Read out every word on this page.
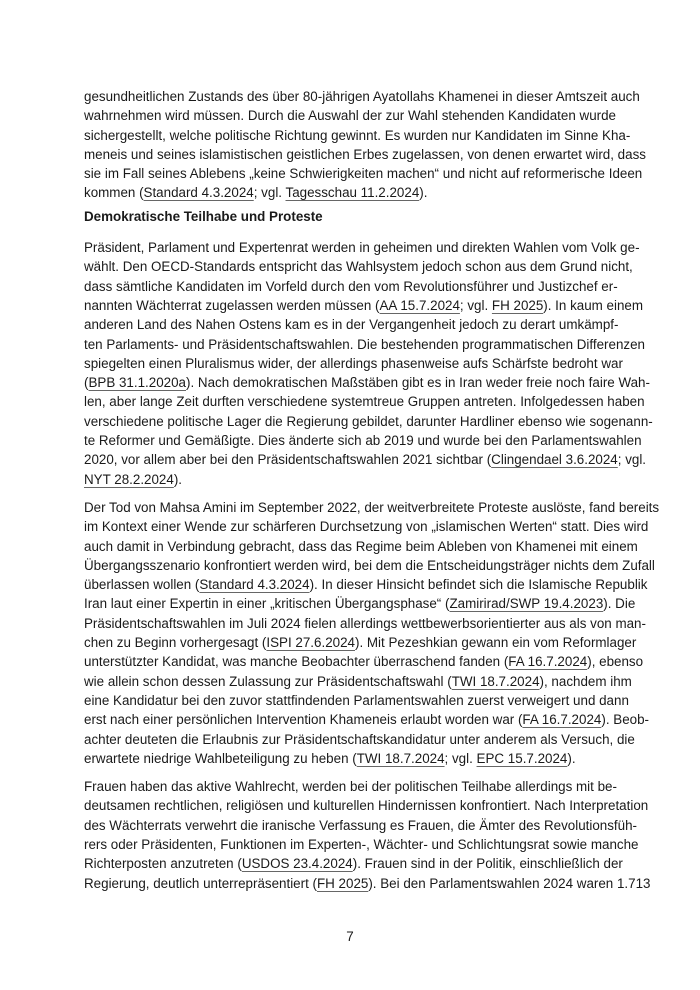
gesundheitlichen Zustands des über 80-jährigen Ayatollahs Khamenei in dieser Amtszeit auch
wahrnehmen wird müssen. Durch die Auswahl der zur Wahl stehenden Kandidaten wurde
sichergestellt, welche politische Richtung gewinnt. Es wurden nur Kandidaten im Sinne Kha-
meneis und seines islamistischen geistlichen Erbes zugelassen, von denen erwartet wird, dass
sie im Fall seines Ablebens „keine Schwierigkeiten machen“ und nicht auf reformerische Ideen
kommen (Standard 4.3.2024; vgl. Tagesschau 11.2.2024).
Demokratische Teilhabe und Proteste
Präsident, Parlament und Expertenrat werden in geheimen und direkten Wahlen vom Volk ge-
wählt. Den OECD-Standards entspricht das Wahlsystem jedoch schon aus dem Grund nicht,
dass sämtliche Kandidaten im Vorfeld durch den vom Revolutionsführer und Justizchef er-
nannten Wächterrat zugelassen werden müssen (AA 15.7.2024; vgl. FH 2025). In kaum einem
anderen Land des Nahen Ostens kam es in der Vergangenheit jedoch zu derart umkämpf-
ten Parlaments- und Präsidentschaftswahlen. Die bestehenden programmatischen Differenzen
spiegelten einen Pluralismus wider, der allerdings phasenweise aufs Schärfste bedroht war
(BPB 31.1.2020a). Nach demokratischen Maßstäben gibt es in Iran weder freie noch faire Wah-
len, aber lange Zeit durften verschiedene systemtreue Gruppen antreten. Infolgedessen haben
verschiedene politische Lager die Regierung gebildet, darunter Hardliner ebenso wie sogenann-
te Reformer und Gemäßigte. Dies änderte sich ab 2019 und wurde bei den Parlamentswahlen
2020, vor allem aber bei den Präsidentschaftswahlen 2021 sichtbar (Clingendael 3.6.2024; vgl.
NYT 28.2.2024).
Der Tod von Mahsa Amini im September 2022, der weitverbreitete Proteste auslöste, fand bereits
im Kontext einer Wende zur schärferen Durchsetzung von „islamischen Werten“ statt. Dies wird
auch damit in Verbindung gebracht, dass das Regime beim Ableben von Khamenei mit einem
Übergangsszenario konfrontiert werden wird, bei dem die Entscheidungsträger nichts dem Zufall
überlassen wollen (Standard 4.3.2024). In dieser Hinsicht befindet sich die Islamische Republik
Iran laut einer Expertin in einer „kritischen Übergangsphase“ (Zamirirad/SWP 19.4.2023). Die
Präsidentschaftswahlen im Juli 2024 fielen allerdings wettbewerbsorientierter aus als von man-
chen zu Beginn vorhergesagt (ISPI 27.6.2024). Mit Pezeshkian gewann ein vom Reformlager
unterstützter Kandidat, was manche Beobachter überraschend fanden (FA 16.7.2024), ebenso
wie allein schon dessen Zulassung zur Präsidentschaftswahl (TWI 18.7.2024), nachdem ihm
eine Kandidatur bei den zuvor stattfindenden Parlamentswahlen zuerst verweigert und dann
erst nach einer persönlichen Intervention Khameneis erlaubt worden war (FA 16.7.2024). Beob-
achter deuteten die Erlaubnis zur Präsidentschaftskandidatur unter anderem als Versuch, die
erwartete niedrige Wahlbeteiligung zu heben (TWI 18.7.2024; vgl. EPC 15.7.2024).
Frauen haben das aktive Wahlrecht, werden bei der politischen Teilhabe allerdings mit be-
deutsamen rechtlichen, religiösen und kulturellen Hindernissen konfrontiert. Nach Interpretation
des Wächterrats verwehrt die iranische Verfassung es Frauen, die Ämter des Revolutionsfüh-
rers oder Präsidenten, Funktionen im Experten-, Wächter- und Schlichtungsrat sowie manche
Richterposten anzutreten (USDOS 23.4.2024). Frauen sind in der Politik, einschließlich der
Regierung, deutlich unterrepräsentiert (FH 2025). Bei den Parlamentswahlen 2024 waren 1.713
7
